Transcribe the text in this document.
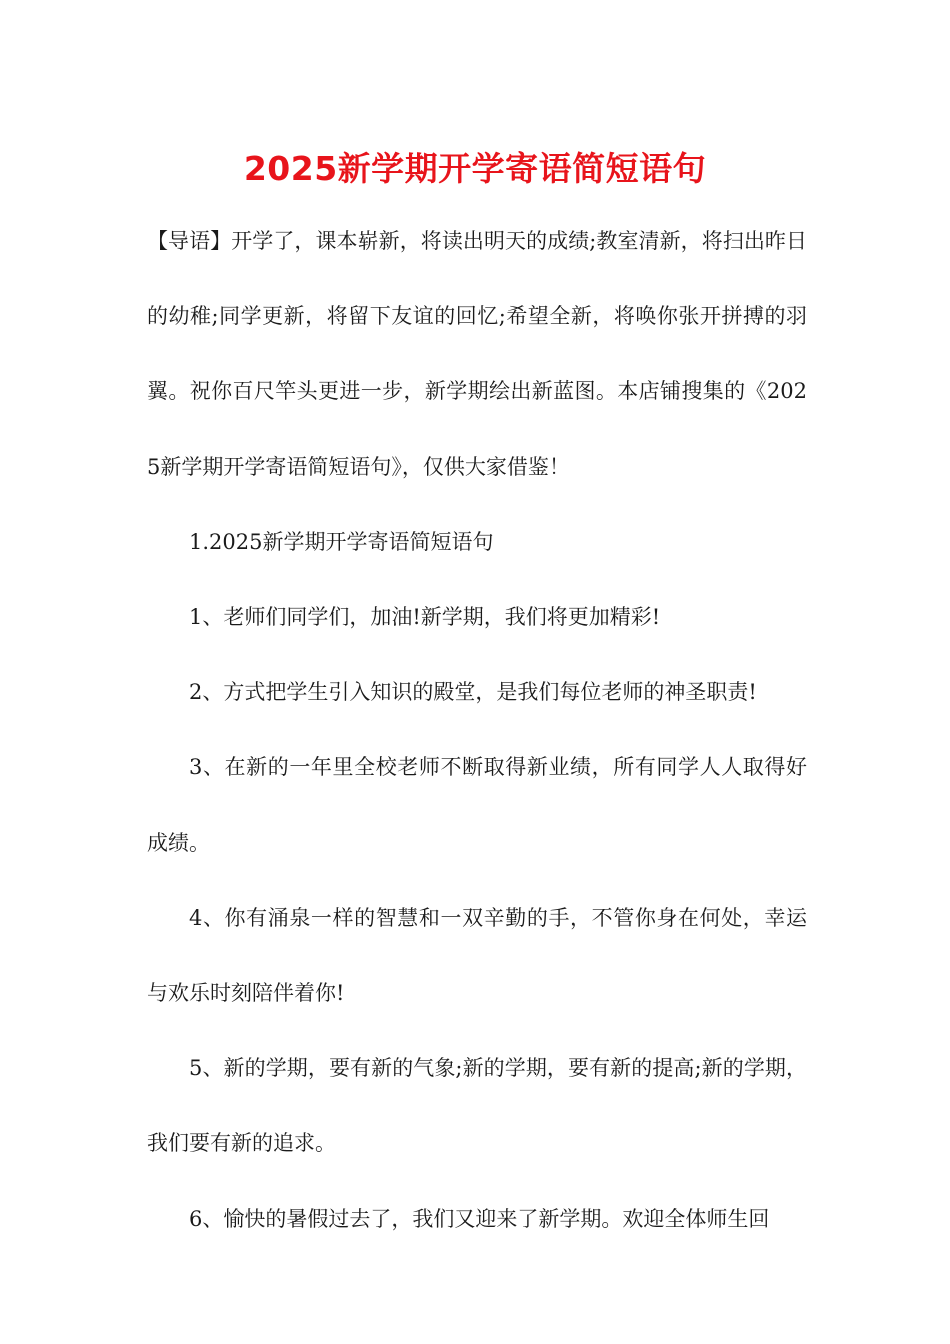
2025新学期开学寄语简短语句

【导语】开学了，课本崭新，将读出明天的成绩;教室清新，将扫出昨日的幼稚;同学更新，将留下友谊的回忆;希望全新，将唤你张开拼搏的羽翼。祝你百尺竿头更进一步，新学期绘出新蓝图。本店铺搜集的《2025新学期开学寄语简短语句》，仅供大家借鉴！

1.2025新学期开学寄语简短语句

1、老师们同学们，加油!新学期，我们将更加精彩!

2、方式把学生引入知识的殿堂，是我们每位老师的神圣职责!

3、在新的一年里全校老师不断取得新业绩，所有同学人人取得好成绩。

4、你有涌泉一样的智慧和一双辛勤的手，不管你身在何处，幸运与欢乐时刻陪伴着你!

5、新的学期，要有新的气象;新的学期，要有新的提高;新的学期，我们要有新的追求。

6、愉快的暑假过去了，我们又迎来了新学期。欢迎全体师生回
